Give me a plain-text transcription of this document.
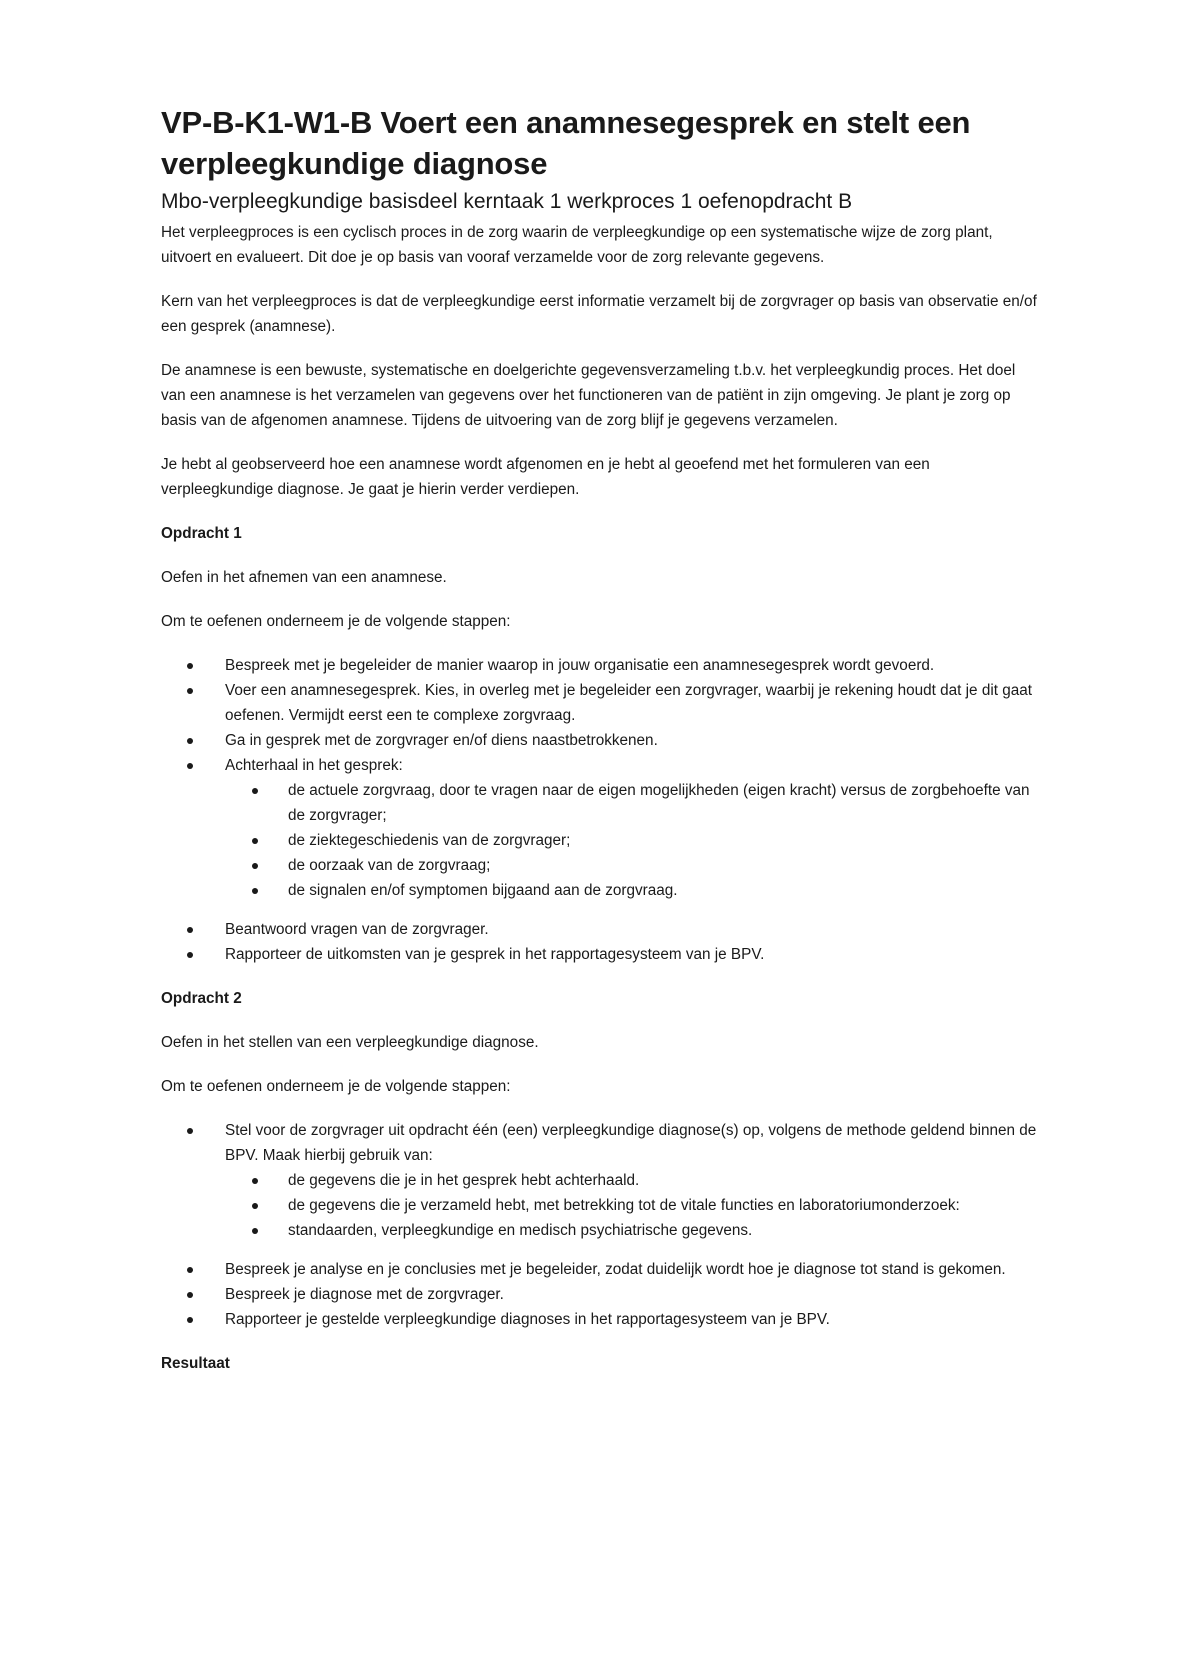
VP-B-K1-W1-B Voert een anamnesegesprek en stelt een verpleegkundige diagnose
Mbo-verpleegkundige basisdeel kerntaak 1 werkproces 1 oefenopdracht B

Het verpleegproces is een cyclisch proces in de zorg waarin de verpleegkundige op een systematische wijze de zorg plant, uitvoert en evalueert. Dit doe je op basis van vooraf verzamelde voor de zorg relevante gegevens.

Kern van het verpleegproces is dat de verpleegkundige eerst informatie verzamelt bij de zorgvrager op basis van observatie en/of een gesprek (anamnese).

De anamnese is een bewuste, systematische en doelgerichte gegevensverzameling t.b.v. het verpleegkundig proces. Het doel van een anamnese is het verzamelen van gegevens over het functioneren van de patiënt in zijn omgeving. Je plant je zorg op basis van de afgenomen anamnese. Tijdens de uitvoering van de zorg blijf je gegevens verzamelen.

Je hebt al geobserveerd hoe een anamnese wordt afgenomen en je hebt al geoefend met het formuleren van een verpleegkundige diagnose. Je gaat je hierin verder verdiepen.

Opdracht 1

Oefen in het afnemen van een anamnese.

Om te oefenen onderneem je de volgende stappen:

Bespreek met je begeleider de manier waarop in jouw organisatie een anamnesegesprek wordt gevoerd.
Voer een anamnesegesprek. Kies, in overleg met je begeleider een zorgvrager, waarbij je rekening houdt dat je dit gaat oefenen. Vermijdt eerst een te complexe zorgvraag.
Ga in gesprek met de zorgvrager en/of diens naastbetrokkenen.
Achterhaal in het gesprek:
de actuele zorgvraag, door te vragen naar de eigen mogelijkheden (eigen kracht) versus de zorgbehoefte van de zorgvrager;
de ziektegeschiedenis van de zorgvrager;
de oorzaak van de zorgvraag;
de signalen en/of symptomen bijgaand aan de zorgvraag.
Beantwoord vragen van de zorgvrager.
Rapporteer de uitkomsten van je gesprek in het rapportagesysteem van je BPV.

Opdracht 2

Oefen in het stellen van een verpleegkundige diagnose.

Om te oefenen onderneem je de volgende stappen:

Stel voor de zorgvrager uit opdracht één (een) verpleegkundige diagnose(s) op, volgens de methode geldend binnen de BPV. Maak hierbij gebruik van:
de gegevens die je in het gesprek hebt achterhaald.
de gegevens die je verzameld hebt, met betrekking tot de vitale functies en laboratoriumonderzoek:
standaarden, verpleegkundige en medisch psychiatrische gegevens.
Bespreek je analyse en je conclusies met je begeleider, zodat duidelijk wordt hoe je diagnose tot stand is gekomen.
Bespreek je diagnose met de zorgvrager.
Rapporteer je gestelde verpleegkundige diagnoses in het rapportagesysteem van je BPV.

Resultaat
